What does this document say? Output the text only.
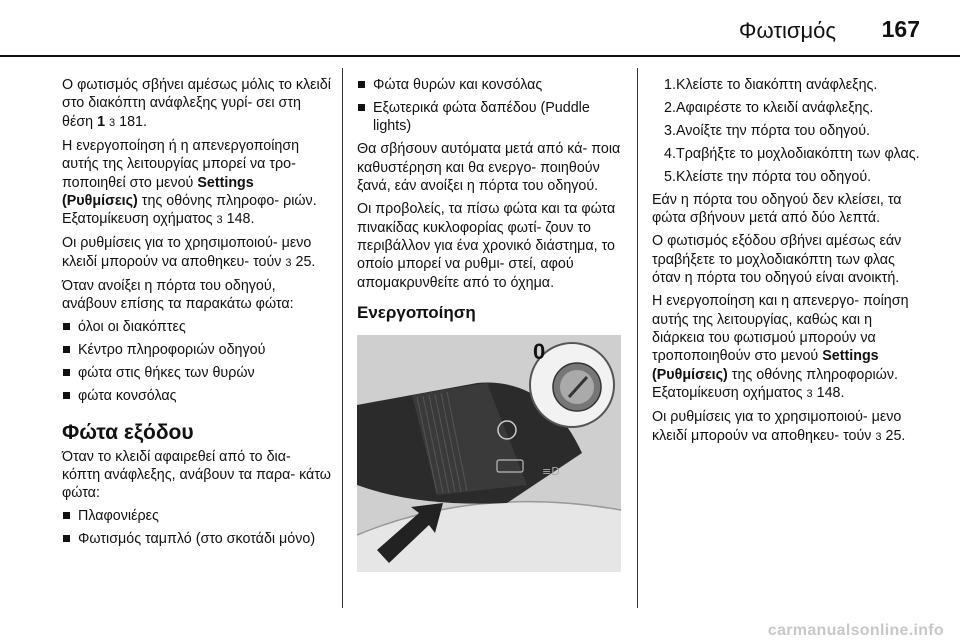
Φωτισμός 167

Ο φωτισμός σβήνει αμέσως μόλις το κλειδί στο διακόπτη ανάφλεξης γυρί- σει στη θέση 1 3 181.

Η ενεργοποίηση ή η απενεργοποίηση αυτής της λειτουργίας μπορεί να τρο- ποποιηθεί στο μενού Settings (Ρυθμίσεις) της οθόνης πληροφο- ριών. Εξατομίκευση οχήματος 3 148.

Οι ρυθμίσεις για το χρησιμοποιού- μενο κλειδί μπορούν να αποθηκευ- τούν 3 25.

Όταν ανοίξει η πόρτα του οδηγού, ανάβουν επίσης τα παρακάτω φώτα:

όλοι οι διακόπτες
Κέντρο πληροφοριών οδηγού
φώτα στις θήκες των θυρών
φώτα κονσόλας
Φώτα εξόδου

Όταν το κλειδί αφαιρεθεί από το δια- κόπτη ανάφλεξης, ανάβουν τα παρα- κάτω φώτα:

Πλαφονιέρες
Φωτισμός ταμπλό (στο σκοτάδι μόνο)
Φώτα θυρών και κονσόλας
Εξωτερικά φώτα δαπέδου (Puddle lights)

Θα σβήσουν αυτόματα μετά από κά- ποια καθυστέρηση και θα ενεργο- ποιηθούν ξανά, εάν ανοίξει η πόρτα του οδηγού.

Οι προβολείς, τα πίσω φώτα και τα φώτα πινακίδας κυκλοφορίας φωτί- ζουν το περιβάλλον για ένα χρονικό διάστημα, το οποίο μπορεί να ρυθμι- στεί, αφού απομακρυνθείτε από το όχημα.

Ενεργοποίηση
≡D
0
1. Κλείστε το διακόπτη ανάφλεξης.
2. Αφαιρέστε το κλειδί ανάφλεξης.
3. Ανοίξτε την πόρτα του οδηγού.
4. Τραβήξτε το μοχλοδιακόπτη των φλας.
5. Κλείστε την πόρτα του οδηγού.

Εάν η πόρτα του οδηγού δεν κλείσει, τα φώτα σβήνουν μετά από δύο λεπτά.

Ο φωτισμός εξόδου σβήνει αμέσως εάν τραβήξετε το μοχλοδιακόπτη των φλας όταν η πόρτα του οδηγού είναι ανοικτή.

Η ενεργοποίηση και η απενεργο- ποίηση αυτής της λειτουργίας, καθώς και η διάρκεια του φωτισμού μπορούν να τροποποιηθούν στο μενού Settings (Ρυθμίσεις) της οθόνης πληροφοριών. Εξατομίκευση οχήματος 3 148.

Οι ρυθμίσεις για το χρησιμοποιού- μενο κλειδί μπορούν να αποθηκευ- τούν 3 25.

carmanualsonline.info
